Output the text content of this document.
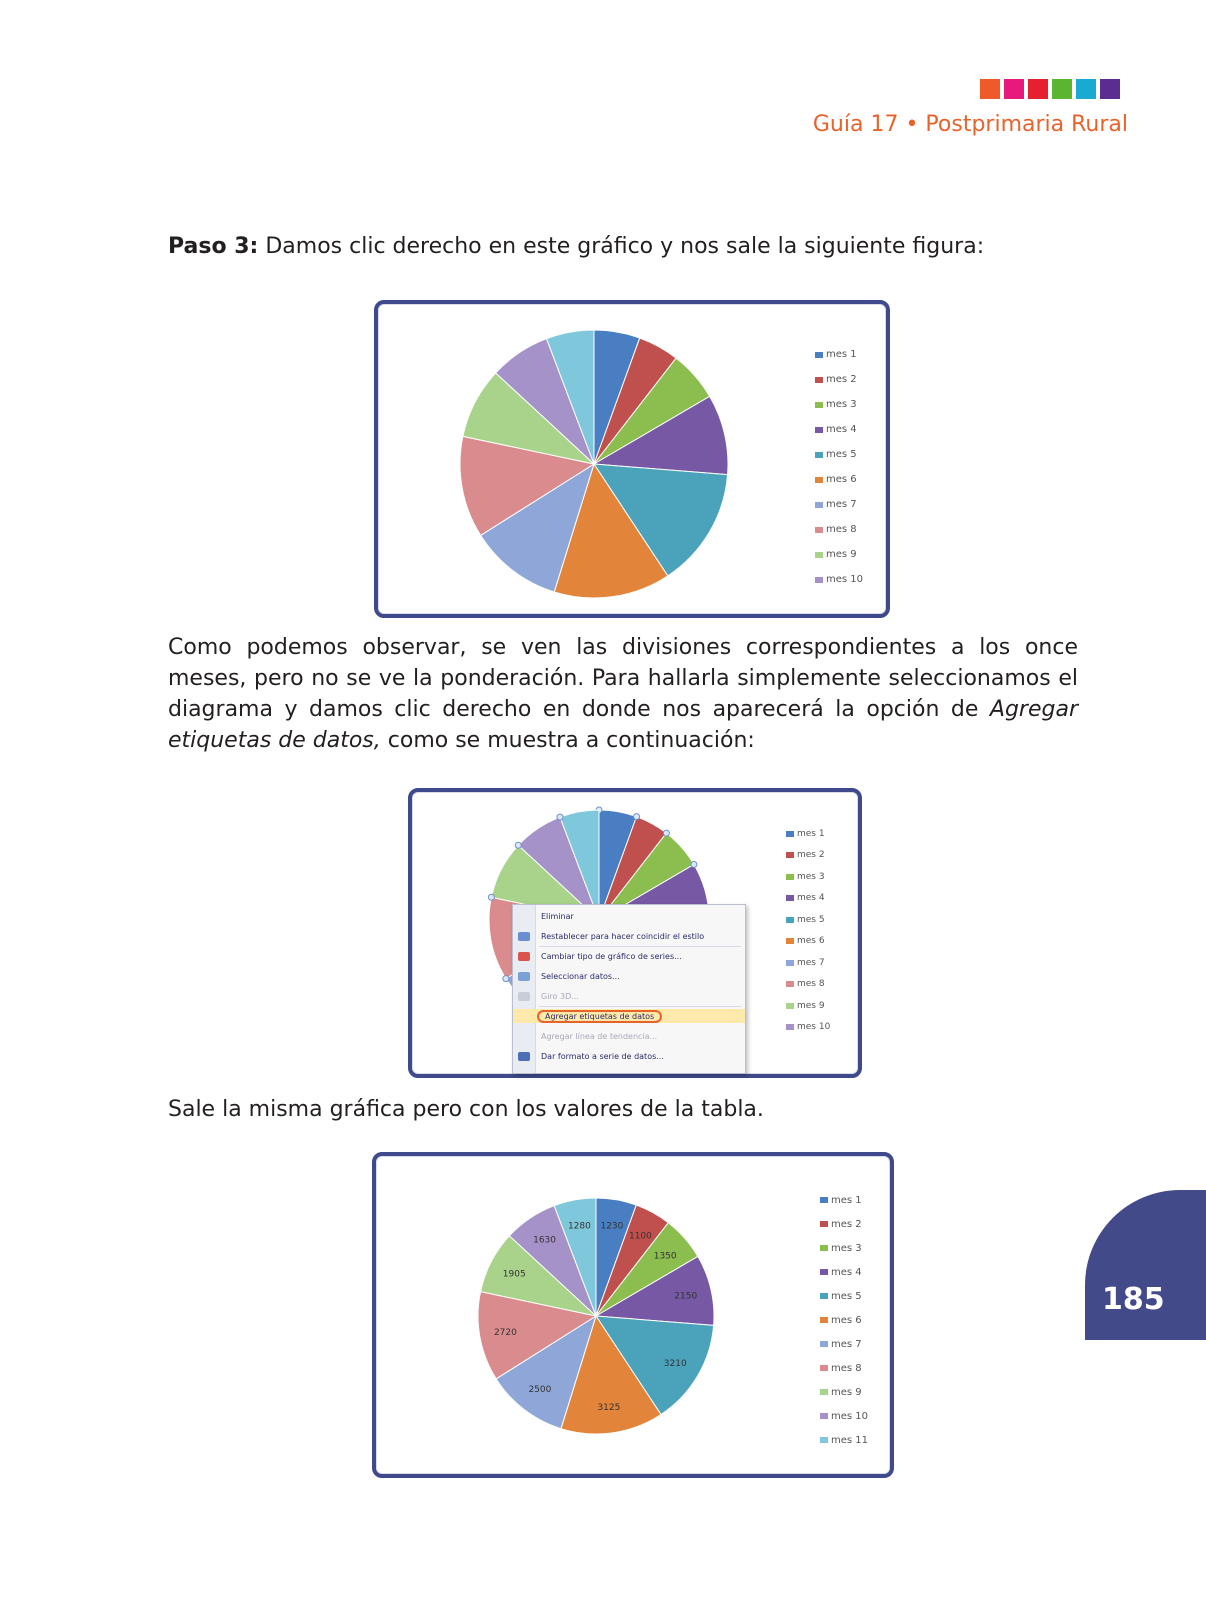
Guía 17 • Postprimaria Rural
Paso 3: Damos clic derecho en este gráfico y nos sale la siguiente figura:
mes 1
mes 2
mes 3
mes 4
mes 5
mes 6
mes 7
mes 8
mes 9
mes 10

Como podemos observar, se ven las divisiones correspondientes a los once meses, pero no se ve la ponderación. Para hallarla simplemente seleccionamos el diagrama y damos clic derecho en donde nos aparecerá la opción de Agregar etiquetas de datos, como se muestra a continuación:

mes 1
mes 2
mes 3
mes 4
mes 5
mes 6
mes 7
mes 8
mes 9
mes 10
Eliminar
Restablecer para hacer coincidir el estilo
Cambiar tipo de gráfico de series...
Seleccionar datos...
Giro 3D...
Agregar etiquetas de datos
Agregar línea de tendencia...
Dar formato a serie de datos...
Sale la misma gráfica pero con los valores de la tabla.
1230
1100
1350
2150
3210
3125
2500
2720
1905
1630
1280
mes 1
mes 2
mes 3
mes 4
mes 5
mes 6
mes 7
mes 8
mes 9
mes 10
mes 11
185
